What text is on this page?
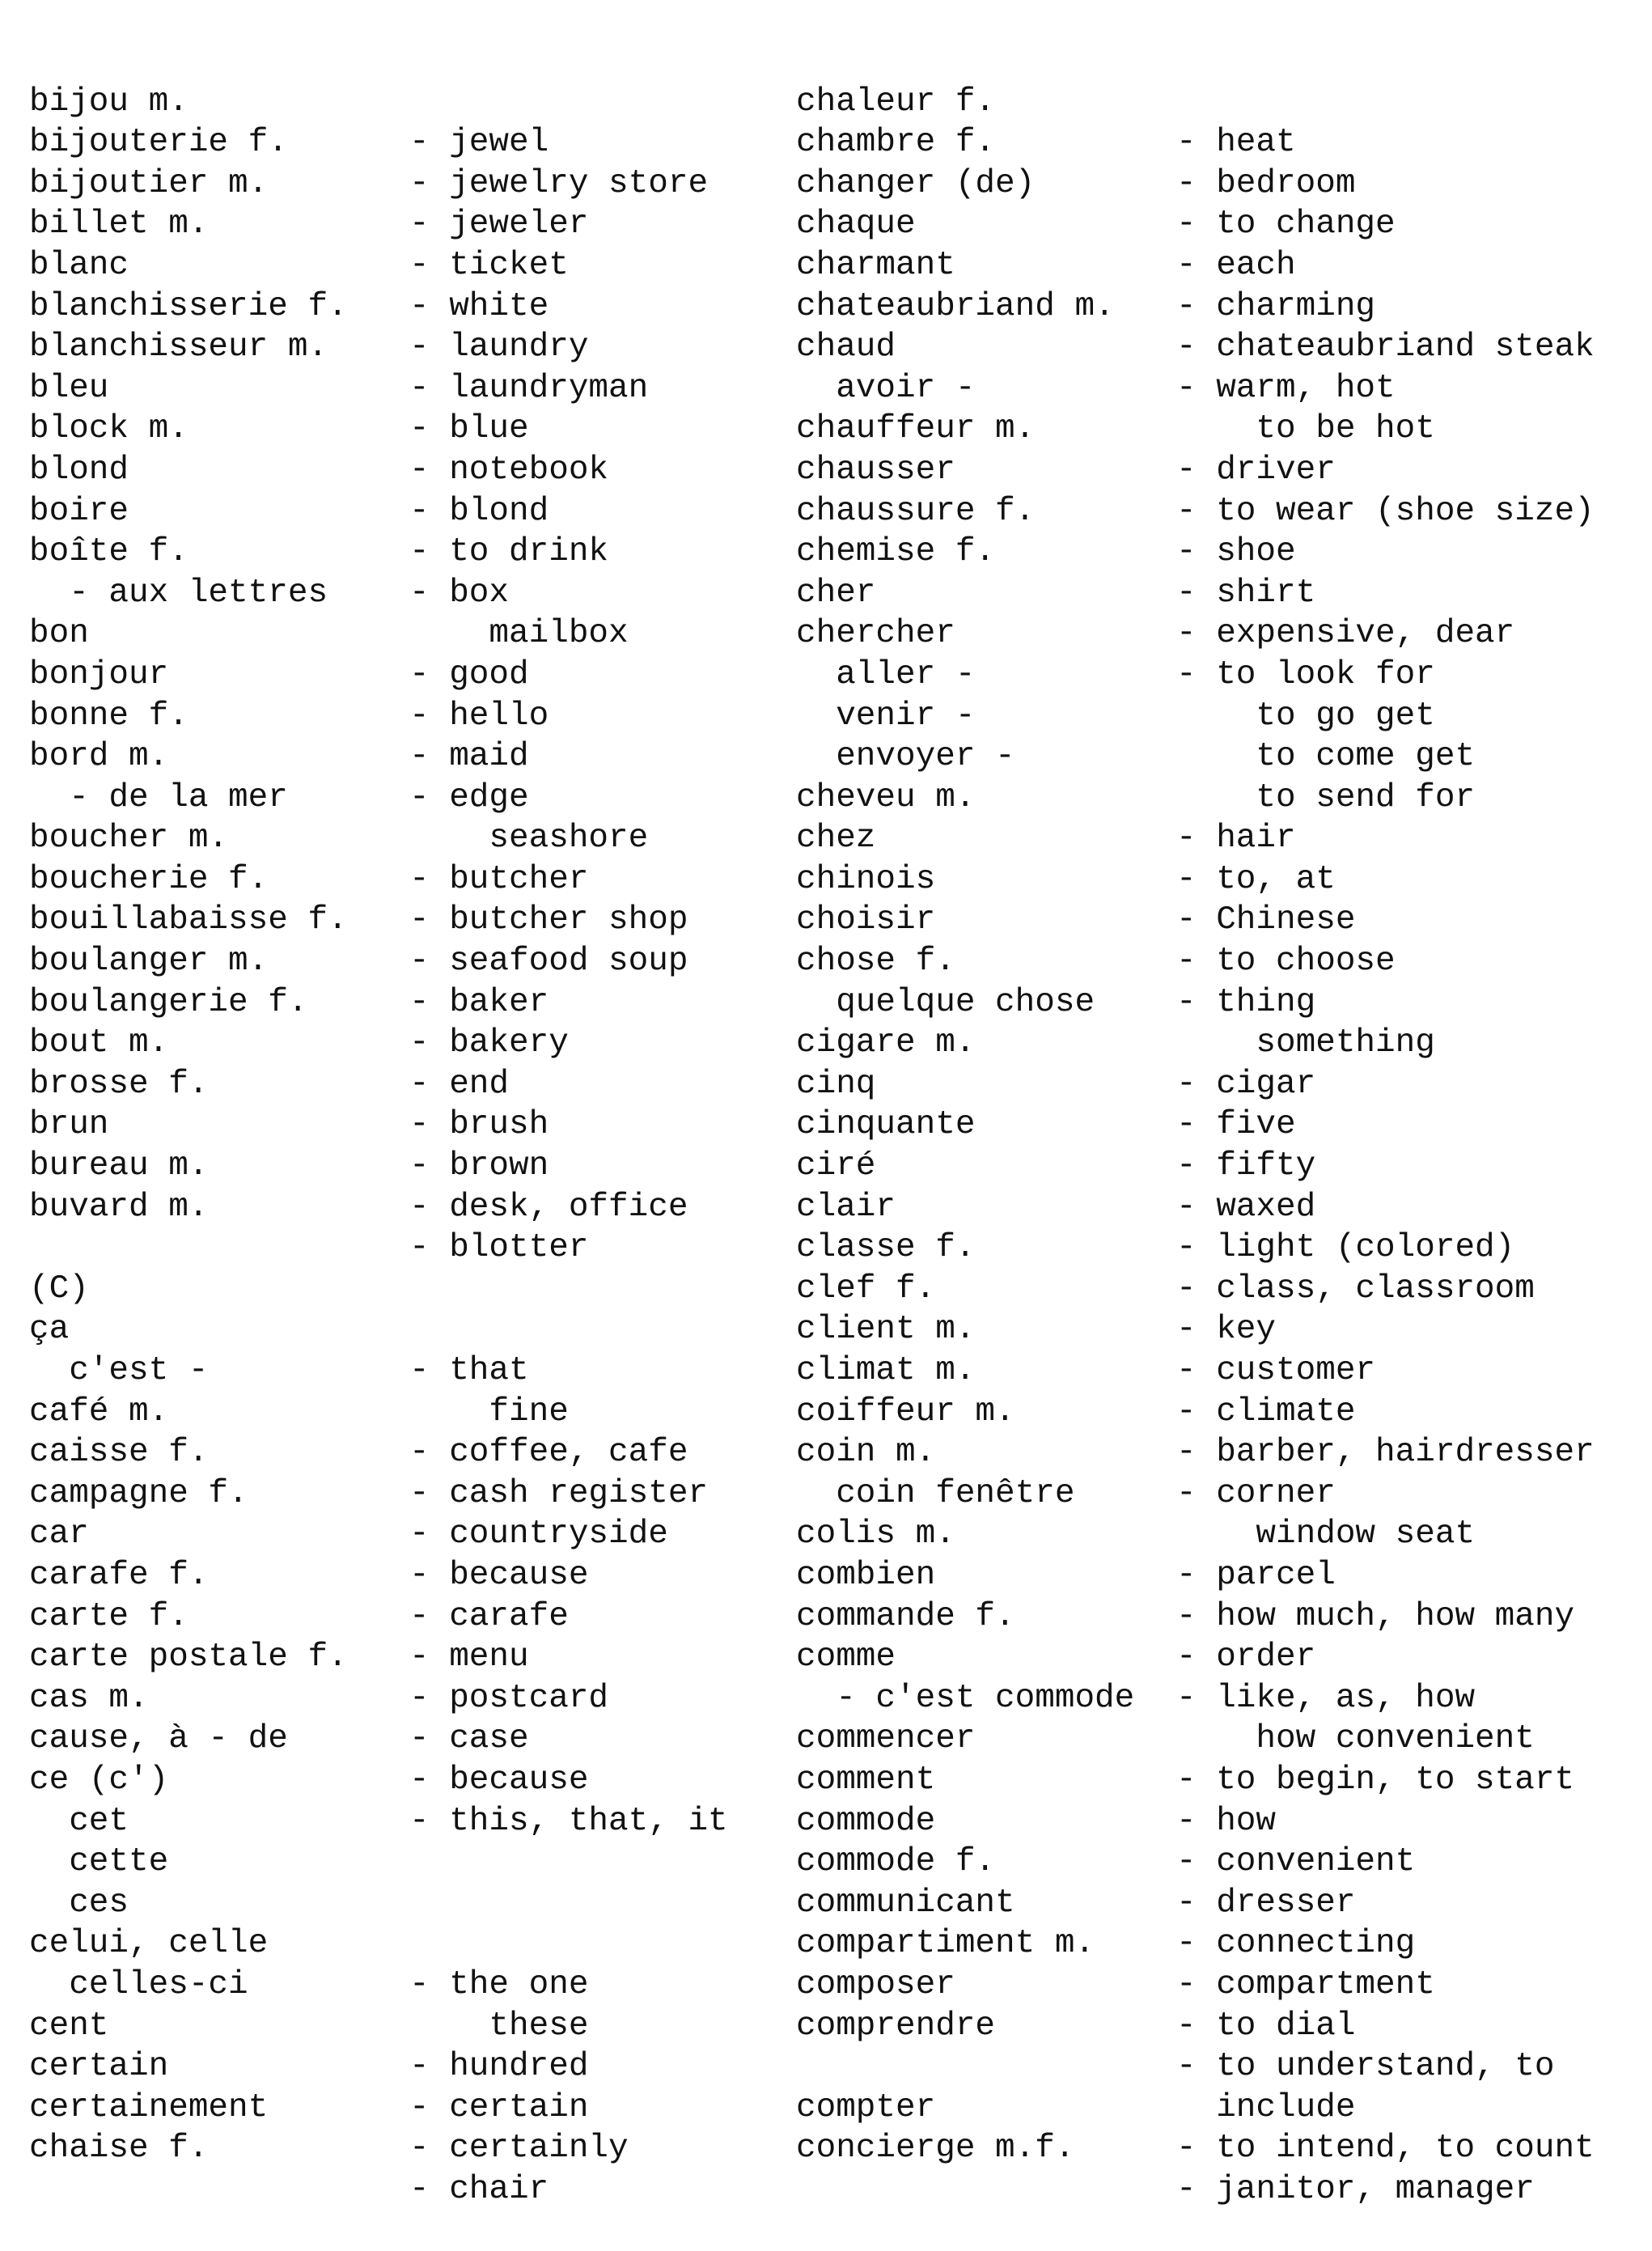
bijou m.

- jewel

bijouterie f.

- jewelry store

bijoutier m.

- jeweler

billet m.

- ticket

blanc

- white

blanchisserie f.

- laundry

blanchisseur m.

- laundryman

bleu

- blue

block m.

- notebook

blond

- blond

boire

- to drink

boîte f.

- box

- aux lettres

mailbox

bon

- good

bonjour

- hello

bonne f.

- maid

bord m.

- edge

- de la mer

seashore

boucher m.

- butcher

boucherie f.

- butcher shop

bouillabaisse f.

- seafood soup

boulanger m.

- baker

boulangerie f.

- bakery

bout m.

- end

brosse f.

- brush

brun

- brown

bureau m.

- desk, office

buvard m.

- blotter

(C)

ça

- that

c'est -

fine

café m.

- coffee, cafe

caisse f.

- cash register

campagne f.

- countryside

car

- because

carafe f.

- carafe

carte f.

- menu

carte postale f.

- postcard

cas m.

- case

cause, à - de

- because

ce (c')

- this, that, it

cet

cette

ces

celui, celle

- the one

celles-ci

these

cent

- hundred

certain

- certain

certainement

- certainly

chaise f.

- chair

chaleur f.

- heat

chambre f.

- bedroom

changer (de)

- to change

chaque

- each

charmant

- charming

chateaubriand m.

- chateaubriand steak

chaud

- warm, hot

avoir -

to be hot

chauffeur m.

- driver

chausser

- to wear (shoe size)

chaussure f.

- shoe

chemise f.

- shirt

cher

- expensive, dear

chercher

- to look for

aller -

to go get

venir -

to come get

envoyer -

to send for

cheveu m.

- hair

chez

- to, at

chinois

- Chinese

choisir

- to choose

chose f.

- thing

quelque chose

something

cigare m.

- cigar

cinq

- five

cinquante

- fifty

ciré

- waxed

clair

- light (colored)

classe f.

- class, classroom

clef f.

- key

client m.

- customer

climat m.

- climate

coiffeur m.

- barber, hairdresser

coin m.

- corner

coin fenêtre

window seat

colis m.

- parcel

combien

- how much, how many

commande f.

- order

comme

- like, as, how

- c'est commode

how convenient

commencer

- to begin, to start

comment

- how

commode

- convenient

commode f.

- dresser

communicant

- connecting

compartiment m.

- compartment

composer

- to dial

comprendre

- to understand, to

include

compter

- to intend, to count

concierge m.f.

- janitor, manager
